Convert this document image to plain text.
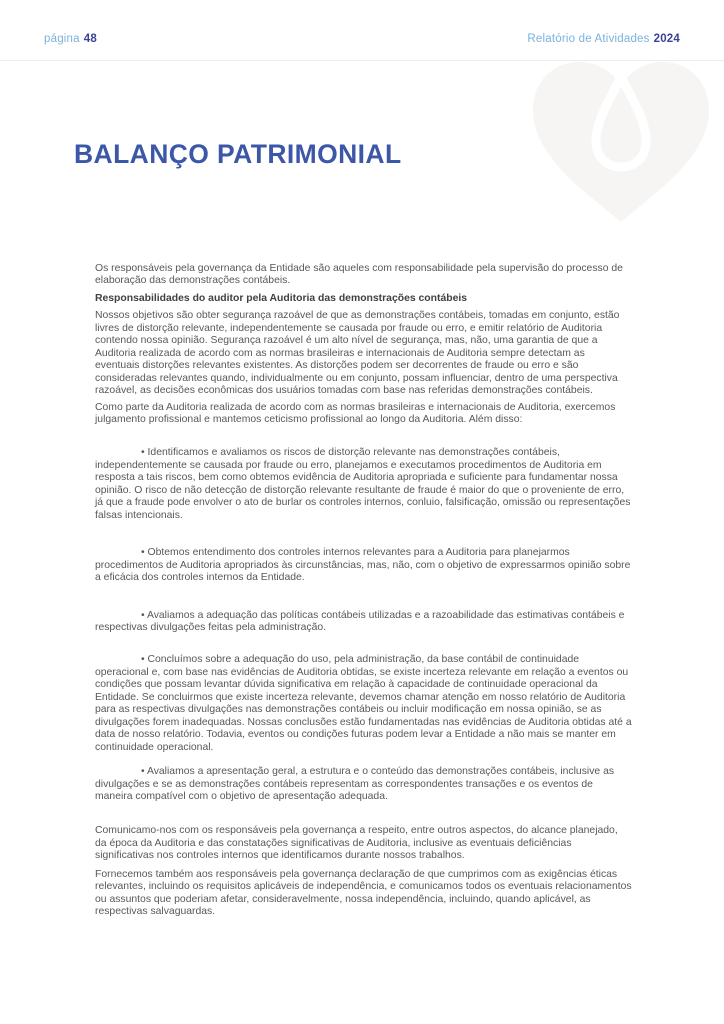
página 48	Relatório de Atividades 2024
BALANÇO PATRIMONIAL

Os responsáveis pela governança da Entidade são aqueles com responsabilidade pela supervisão do processo de elaboração das demonstrações contábeis.

Responsabilidades do auditor pela Auditoria das demonstrações contábeis

Nossos objetivos são obter segurança razoável de que as demonstrações contábeis, tomadas em conjunto, estão livres de distorção relevante, independentemente se causada por fraude ou erro, e emitir relatório de Auditoria contendo nossa opinião. Segurança razoável é um alto nível de segurança, mas, não, uma garantia de que a Auditoria realizada de acordo com as normas brasileiras e internacionais de Auditoria sempre detectam as eventuais distorções relevantes existentes. As distorções podem ser decorrentes de fraude ou erro e são consideradas relevantes quando, individualmente ou em conjunto, possam influenciar, dentro de uma perspectiva razoável, as decisões econômicas dos usuários tomadas com base nas referidas demonstrações contábeis.

Como parte da Auditoria realizada de acordo com as normas brasileiras e internacionais de Auditoria, exercemos julgamento profissional e mantemos ceticismo profissional ao longo da Auditoria. Além disso:

• Identificamos e avaliamos os riscos de distorção relevante nas demonstrações contábeis, independentemente se causada por fraude ou erro, planejamos e executamos procedimentos de Auditoria em resposta a tais riscos, bem como obtemos evidência de Auditoria apropriada e suficiente para fundamentar nossa opinião. O risco de não detecção de distorção relevante resultante de fraude é maior do que o proveniente de erro, já que a fraude pode envolver o ato de burlar os controles internos, conluio, falsificação, omissão ou representações falsas intencionais.

• Obtemos entendimento dos controles internos relevantes para a Auditoria para planejarmos procedimentos de Auditoria apropriados às circunstâncias, mas, não, com o objetivo de expressarmos opinião sobre a eficácia dos controles internos da Entidade.

• Avaliamos a adequação das políticas contábeis utilizadas e a razoabilidade das estimativas contábeis e respectivas divulgações feitas pela administração.

• Concluímos sobre a adequação do uso, pela administração, da base contábil de continuidade operacional e, com base nas evidências de Auditoria obtidas, se existe incerteza relevante em relação a eventos ou condições que possam levantar dúvida significativa em relação à capacidade de continuidade operacional da Entidade. Se concluirmos que existe incerteza relevante, devemos chamar atenção em nosso relatório de Auditoria para as respectivas divulgações nas demonstrações contábeis ou incluir modificação em nossa opinião, se as divulgações forem inadequadas. Nossas conclusões estão fundamentadas nas evidências de Auditoria obtidas até a data de nosso relatório. Todavia, eventos ou condições futuras podem levar a Entidade a não mais se manter em continuidade operacional.

• Avaliamos a apresentação geral, a estrutura e o conteúdo das demonstrações contábeis, inclusive as divulgações e se as demonstrações contábeis representam as correspondentes transações e os eventos de maneira compatível com o objetivo de apresentação adequada.

Comunicamo-nos com os responsáveis pela governança a respeito, entre outros aspectos, do alcance planejado, da época da Auditoria e das constatações significativas de Auditoria, inclusive as eventuais deficiências significativas nos controles internos que identificamos durante nossos trabalhos.

Fornecemos também aos responsáveis pela governança declaração de que cumprimos com as exigências éticas relevantes, incluindo os requisitos aplicáveis de independência, e comunicamos todos os eventuais relacionamentos ou assuntos que poderiam afetar, consideravelmente, nossa independência, incluindo, quando aplicável, as respectivas salvaguardas.
